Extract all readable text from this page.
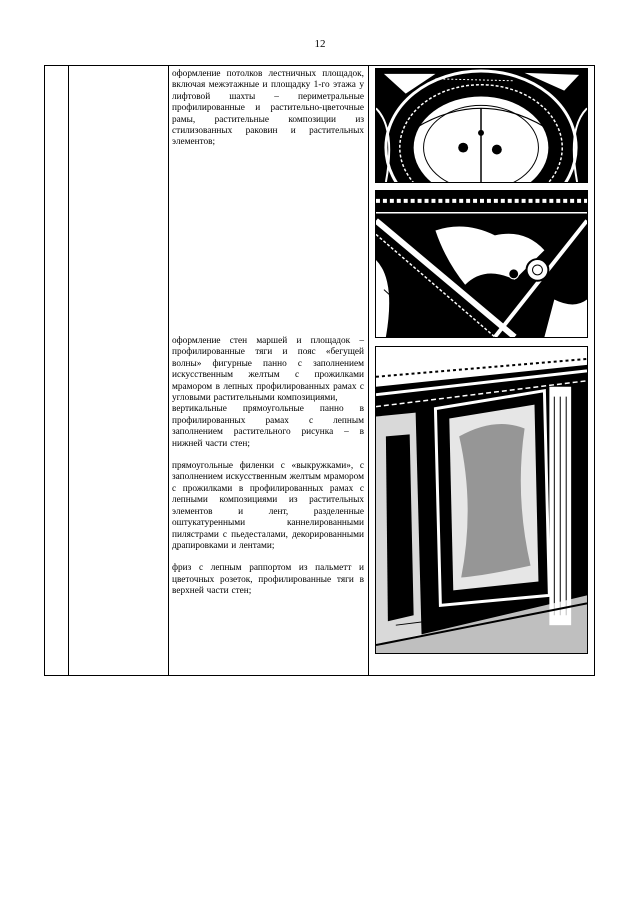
12

оформление потолков лестничных площадок, включая межэтажные и площадку 1-го этажа у лифтовой шахты – периметральные профилированные и растительно-цветочные рамы, растительные композиции из стилизованных раковин и растительных элементов;

оформление стен маршей и площадок – профилированные тяги и пояс «бегущей волны» фигурные панно с заполнением искусственным желтым с прожилками мрамором в лепных профилированных рамах с угловыми растительными композициями,

вертикальные прямоугольные панно в профилированных рамах с лепным заполнением растительного рисунка – в нижней части стен;

прямоугольные филенки с «выкружками», с заполнением искусственным желтым мрамором с прожилками в профилированных рамах с лепными композициями из растительных элементов и лент, разделенные оштукатуренными каннелированными пилястрами с пьедесталами, декорированными драпировками и лентами;

фриз с лепным раппортом из пальметт и цветочных розеток, профилированные тяги в верхней части стен;
